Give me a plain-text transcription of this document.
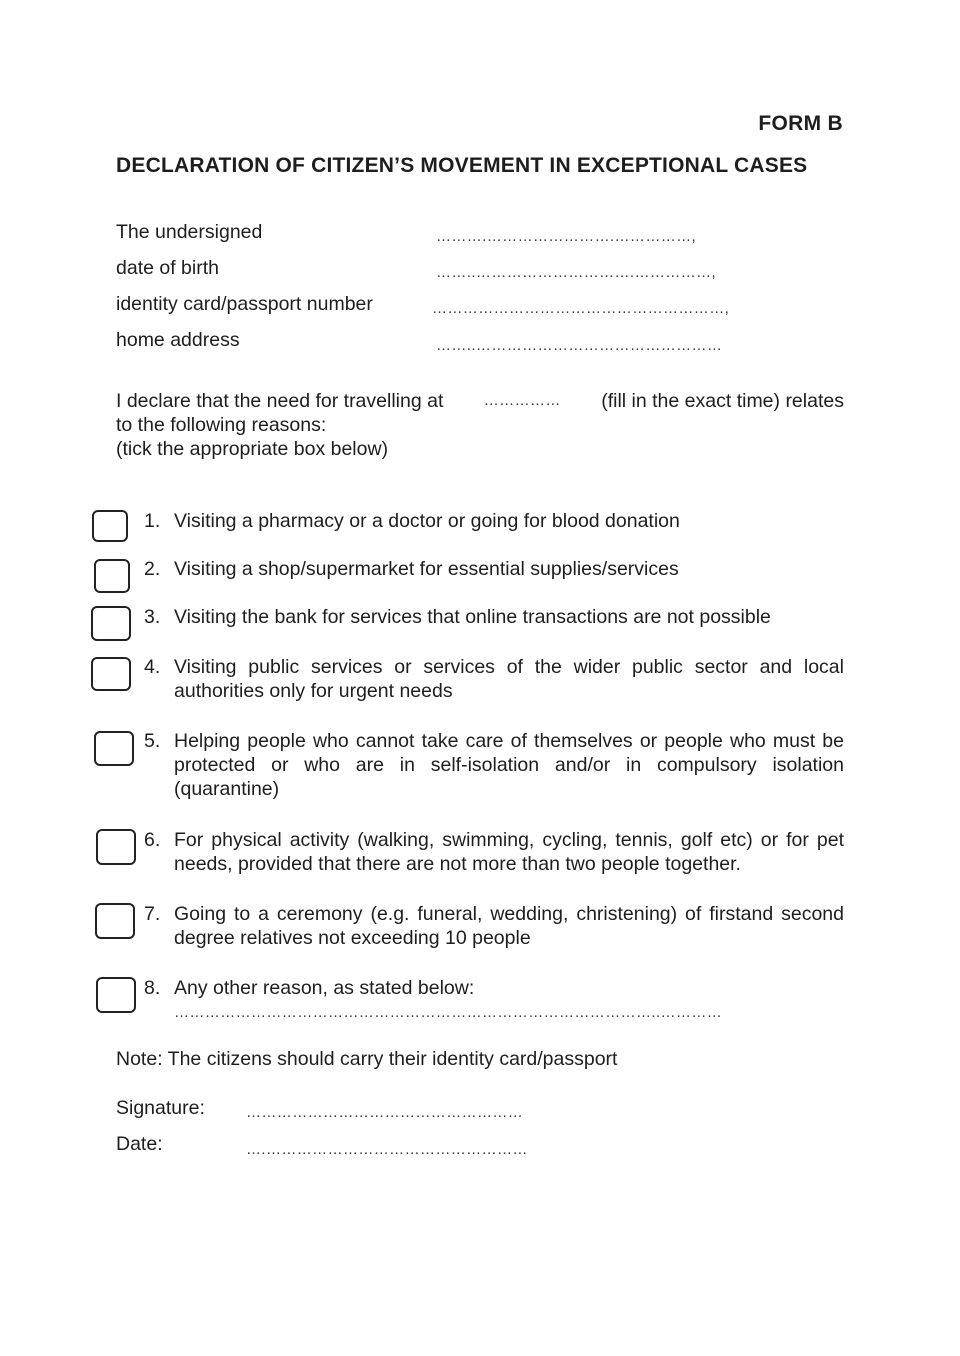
FORM B
DECLARATION OF CITIZEN’S MOVEMENT IN EXCEPTIONAL CASES
The undersigned	……….…………………….……………,
date of birth	……..………………………….……………,
identity card/passport number	…………………………………………………,
home address	……..…………………………………………
I declare that the need for travelling at	…………… (fill in the exact time) relates
to the following reasons:
(tick the appropriate box below)
1. Visiting a pharmacy or a doctor or going for blood donation
2. Visiting a shop/supermarket for essential supplies/services
3. Visiting the bank for services that online transactions are not possible
4. Visiting public services or services of the wider public sector and local authorities only for urgent needs
5. Helping people who cannot take care of themselves or people who must be protected or who are in self-isolation and/or in compulsory isolation (quarantine)
6. For physical activity (walking, swimming, cycling, tennis, golf etc) or for pet needs, provided that there are not more than two people together.
7. Going to a ceremony (e.g. funeral, wedding, christening) of firstand second degree relatives not exceeding 10 people
8. Any other reason, as stated below:
…………………………………………………………………………………..…………
Note: The citizens should carry their identity card/passport
Signature:	………………………………………………
Date:	….……………………………………………
